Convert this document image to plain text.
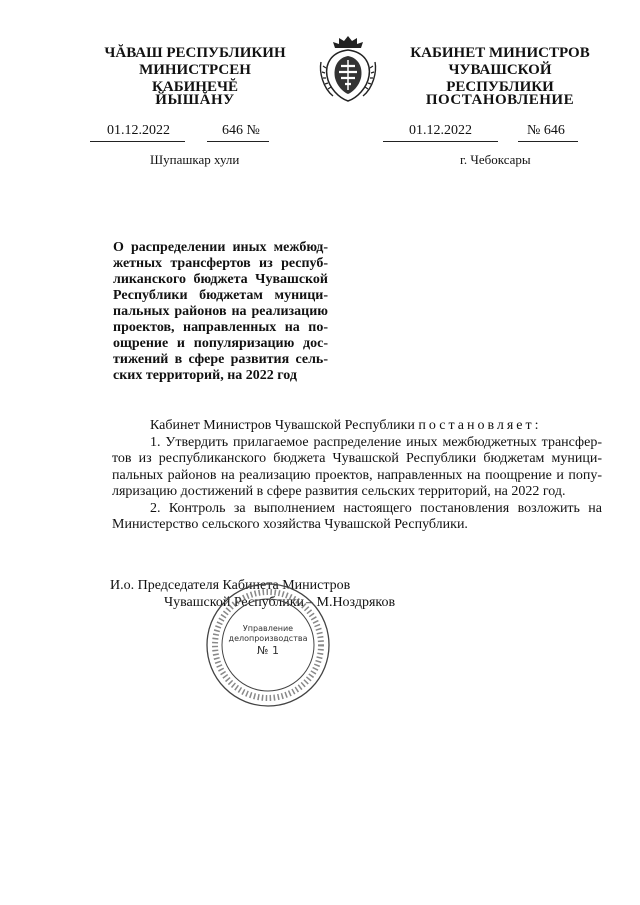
ЧĂВАШ РЕСПУБЛИКИН
МИНИСТРСЕН КАБИНЕЧĔ
ЙЫШĂНУ
КАБИНЕТ МИНИСТРОВ
ЧУВАШСКОЙ РЕСПУБЛИКИ
ПОСТАНОВЛЕНИЕ
01.12.2022	646 №	01.12.2022	№ 646
Шупашкар хули	г. Чебоксары
О распределении иных межбюд-
жетных трансфертов из респуб-
ликанского бюджета Чувашской
Республики бюджетам муници-
пальных районов на реализацию
проектов, направленных на по-
ощрение и популяризацию дос-
тижений в сфере развития сель-
ских территорий, на 2022 год
Кабинет Министров Чувашской Республики постановляет:
1. Утвердить прилагаемое распределение иных межбюджетных трансфер-
тов из республиканского бюджета Чувашской Республики бюджетам муници-
пальных районов на реализацию проектов, направленных на поощрение и попу-
ляризацию достижений в сфере развития сельских территорий, на 2022 год.
2. Контроль за выполнением настоящего постановления возложить на
Министерство сельского хозяйства Чувашской Республики.
И.о. Председателя Кабинета Министров
Чувашской Республики – М.Ноздряков
Управление
делопроизводства
№ 1
